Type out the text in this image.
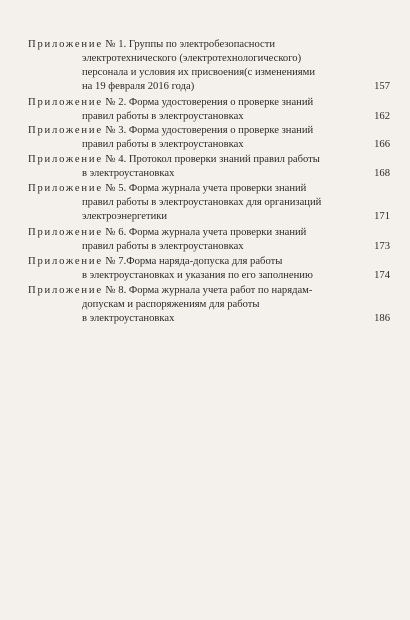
Приложение № 1. Группы по электробезопасности
электротехнического (электротехнологического)
персонала и условия их присвоения(с изменениями
на 19 февраля 2016 года)	157
Приложение № 2. Форма удостоверения о проверке знаний
правил работы в электроустановках	162
Приложение № 3. Форма удостоверения о проверке знаний
правил работы в электроустановках	166
Приложение № 4. Протокол проверки знаний правил работы
в электроустановках	168
Приложение № 5. Форма журнала учета проверки знаний
правил работы в электроустановках для организаций
электроэнергетики	171
Приложение № 6. Форма журнала учета проверки знаний
правил работы в электроустановках	173
Приложение № 7.Форма наряда-допуска для работы
в электроустановках и указания по его заполнению	174
Приложение № 8. Форма журнала учета работ по нарядам-
допускам и распоряжениям для работы
в электроустановках	186
